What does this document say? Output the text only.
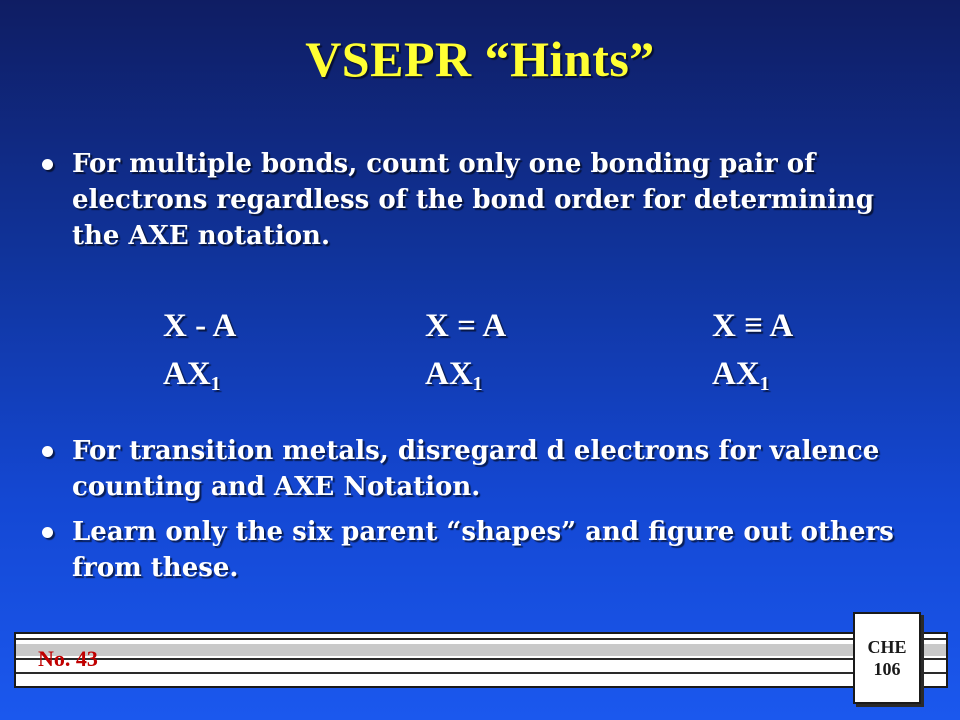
VSEPR “Hints”
For multiple bonds, count only one bonding pair of electrons regardless of the bond order for determining the AXE notation.
X - A	X = A	X ≡ A
$AX_1$	$AX_1$	$AX_1$
For transition metals, disregard d electrons for valence counting and AXE Notation.
Learn only the six parent “shapes” and figure out others from these.
No. 43	CHE
106
